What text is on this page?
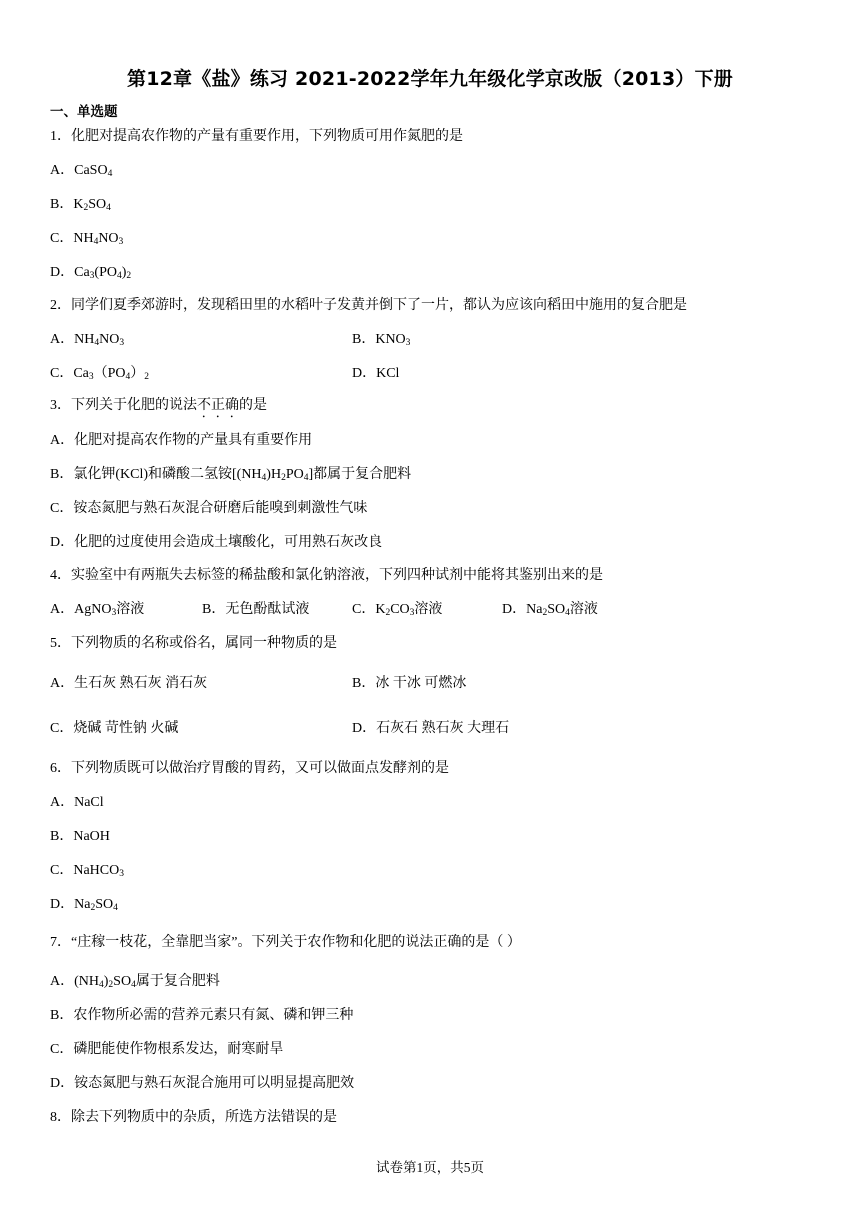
第12章《盐》练习 2021-2022学年九年级化学京改版（2013）下册
一、单选题
1．化肥对提高农作物的产量有重要作用，下列物质可用作氮肥的是
A．CaSO$_4$
B．$K_2SO_4$
C．$NH_4NO_3$
D．$Ca_3(PO_4)_2$
2．同学们夏季郊游时，发现稻田里的水稻叶子发黄并倒下了一片，都认为应该向稻田中施用的复合肥是
A．$NH_4NO_3$	B．$KNO_3$
C．$Ca_3(PO_4)_2$	D．KCl
3．下列关于化肥的说法不正确的是
A．化肥对提高农作物的产量具有重要作用
B．氯化钾(KCl)和磷酸二氢铵$[(NH_4)H_2PO_4]$都属于复合肥料
C．铵态氮肥与熟石灰混合研磨后能嗅到刺激性气味
D．化肥的过度使用会造成土壤酸化，可用熟石灰改良
4．实验室中有两瓶失去标签的稀盐酸和氯化钠溶液，下列四种试剂中能将其鉴别出来的是
A．AgNO$_3$溶液	B．无色酚酞试液	C．$K_2CO_3$溶液	D．$Na_2SO_4$溶液
5．下列物质的名称或俗名，属同一种物质的是
A．生石灰 熟石灰 消石灰	B．冰 干冰 可燃冰
C．烧碱 苛性钠 火碱	D．石灰石 熟石灰 大理石
6．下列物质既可以做治疗胃酸的胃药，又可以做面点发酵剂的是
A．NaCl
B．NaOH
C．NaHCO$_3$
D．$Na_2SO_4$
7．“庄稼一枝花，全靠肥当家”。下列关于农作物和化肥的说法正确的是（ ）
A．$(NH_4)_2SO_4$属于复合肥料
B．农作物所必需的营养元素只有氮、磷和钾三种
C．磷肥能使作物根系发达，耐寒耐旱
D．铵态氮肥与熟石灰混合施用可以明显提高肥效
8．除去下列物质中的杂质，所选方法错误的是
试卷第1页，共5页
